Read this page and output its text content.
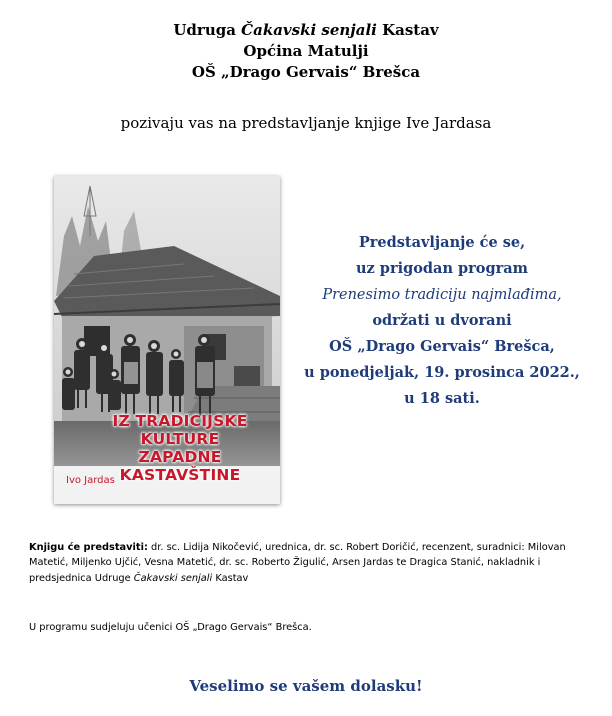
Udruga Čakavski senjali Kastav
Općina Matulji
OŠ „Drago Gervais“ Brešca
pozivaju vas na predstavljanje knjige Ive Jardasa
IZ TRADICIJSKE
KULTURE
ZAPADNE
KASTAVŠTINE
Ivo Jardas
Predstavljanje će se,
uz prigodan program
Prenesimo tradiciju najmlađima,
održati u dvorani
OŠ „Drago Gervais“ Brešca,
u ponedjeljak, 19. prosinca 2022.,
u 18 sati.
Knjigu će predstaviti: dr. sc. Lidija Nikočević, urednica, dr. sc. Robert Doričić, recenzent, suradnici: Milovan Matetić, Miljenko Ujčić, Vesna Matetić, dr. sc. Roberto Žigulić, Arsen Jardas te Dragica Stanić, nakladnik i predsjednica Udruge Čakavski senjali Kastav
U programu sudjeluju učenici OŠ „Drago Gervais“ Brešca.
Veselimo se vašem dolasku!
